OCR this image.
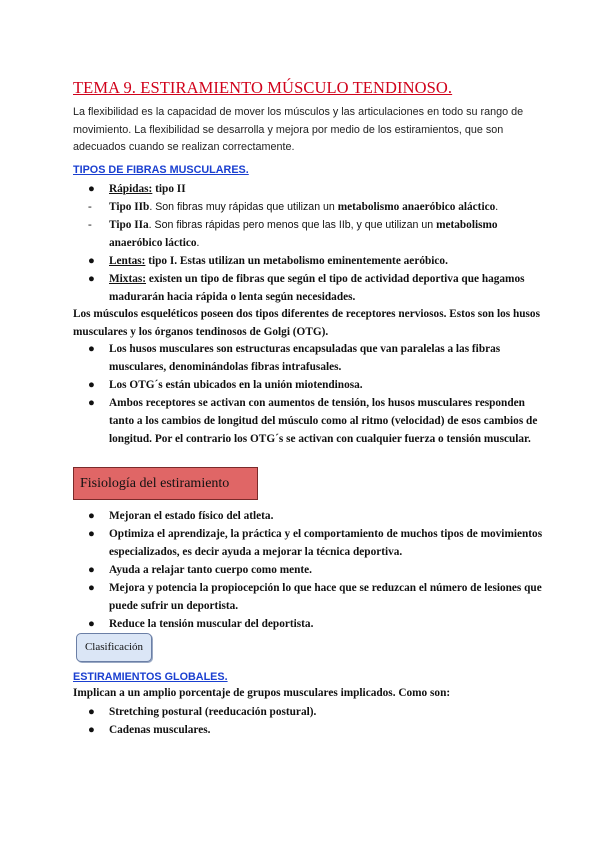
TEMA 9. ESTIRAMIENTO MÚSCULO TENDINOSO.
La flexibilidad es la capacidad de mover los músculos y las articulaciones en todo su rango de movimiento. La flexibilidad se desarrolla y mejora por medio de los estiramientos, que son adecuados cuando se realizan correctamente.
TIPOS DE FIBRAS MUSCULARES.
●	Rápidas: tipo II
-	Tipo IIb. Son fibras muy rápidas que utilizan un metabolismo anaeróbico aláctico.
-	Tipo IIa. Son fibras rápidas pero menos que las IIb, y que utilizan un metabolismo anaeróbico láctico.
●	Lentas: tipo I. Estas utilizan un metabolismo eminentemente aeróbico.
●	Mixtas: existen un tipo de fibras que según el tipo de actividad deportiva que hagamos madurarán hacia rápida o lenta según necesidades.
Los músculos esqueléticos poseen dos tipos diferentes de receptores nerviosos. Estos son los husos musculares y los órganos tendinosos de Golgi (OTG).
●	Los husos musculares son estructuras encapsuladas que van paralelas a las fibras musculares, denominándolas fibras intrafusales.
●	Los OTG´s están ubicados en la unión miotendinosa.
●	Ambos receptores se activan con aumentos de tensión, los husos musculares responden tanto a los cambios de longitud del músculo como al ritmo (velocidad) de esos cambios de longitud. Por el contrario los OTG´s se activan con cualquier fuerza o tensión muscular.
Fisiología del estiramiento
●	Mejoran el estado físico del atleta.
●	Optimiza el aprendizaje, la práctica y el comportamiento de muchos tipos de movimientos especializados, es decir ayuda a mejorar la técnica deportiva.
●	Ayuda a relajar tanto cuerpo como mente.
●	Mejora y potencia la propiocepción lo que hace que se reduzcan el número de lesiones que puede sufrir un deportista.
●	Reduce la tensión muscular del deportista.
Clasificación
ESTIRAMIENTOS GLOBALES.
Implican a un amplio porcentaje de grupos musculares implicados. Como son:
●	Stretching postural (reeducación postural).
●	Cadenas musculares.
